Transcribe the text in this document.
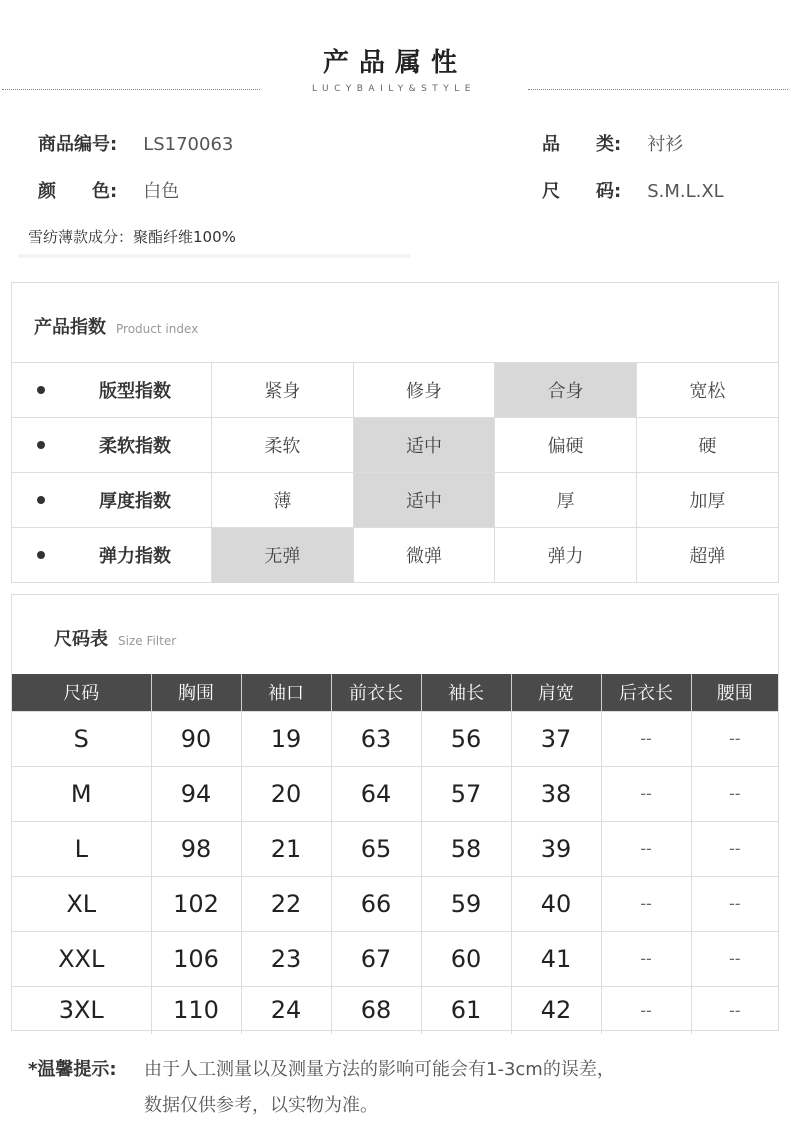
产品属性
LUCYBAILY&STYLE
商品编号: LS170063	品　　类: 衬衫
颜　　色: 白色	尺　　码: S.M.L.XL
雪纺薄款成分：聚酯纤维100%
产品指数 Product index
版型指数	紧身	修身	合身	宽松
柔软指数	柔软	适中	偏硬	硬
厚度指数	薄	适中	厚	加厚
弹力指数	无弹	微弹	弹力	超弹
尺码表 Size Filter
尺码	胸围	袖口	前衣长	袖长	肩宽	后衣长	腰围
S	90	19	63	56	37	--	--
M	94	20	64	57	38	--	--
L	98	21	65	58	39	--	--
XL	102	22	66	59	40	--	--
XXL	106	23	67	60	41	--	--
3XL	110	24	68	61	42	--	--
*温馨提示: 由于人工测量以及测量方法的影响可能会有1-3cm的误差，
数据仅供参考，以实物为准。
